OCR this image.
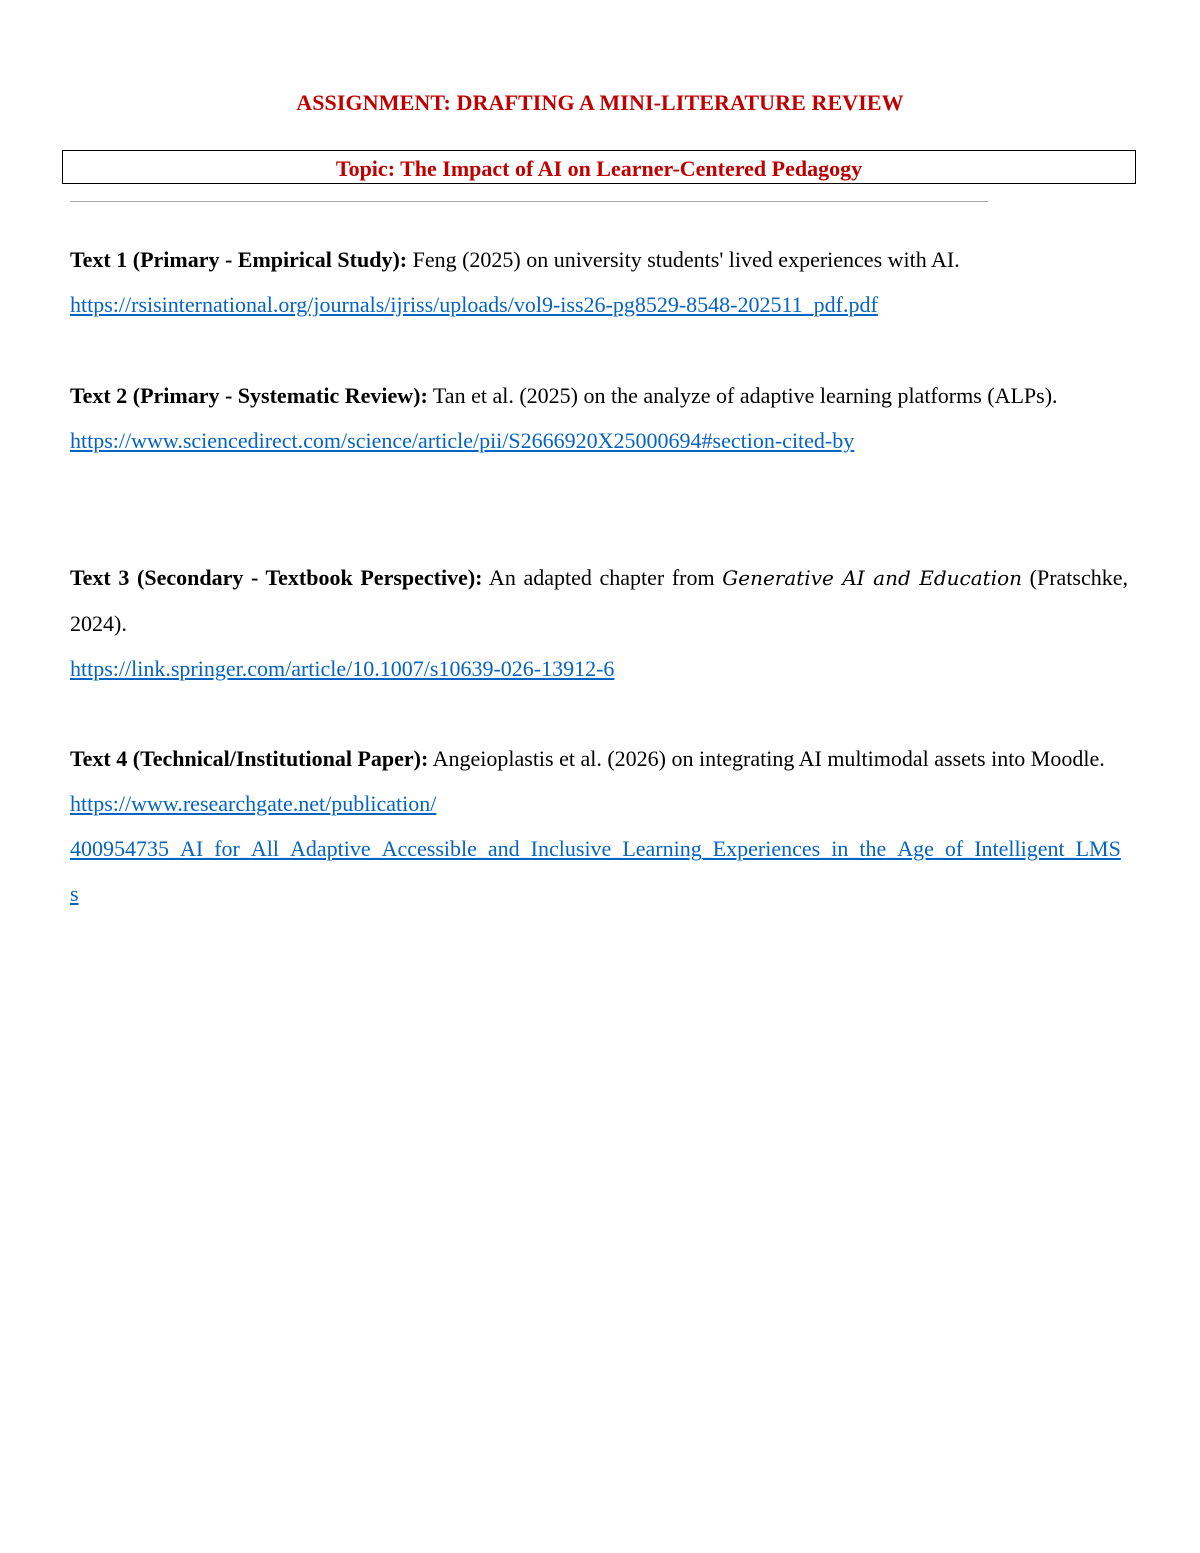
ASSIGNMENT: DRAFTING A MINI-LITERATURE REVIEW
Topic: The Impact of AI on Learner-Centered Pedagogy

Text 1 (Primary - Empirical Study): Feng (2025) on university students' lived experiences with AI.

https://rsisinternational.org/journals/ijriss/uploads/vol9-iss26-pg8529-8548-202511_pdf.pdf

Text 2 (Primary - Systematic Review): Tan et al. (2025) on the analyze of adaptive learning platforms (ALPs).

https://www.sciencedirect.com/science/article/pii/S2666920X25000694#section-cited-by

Text 3 (Secondary - Textbook Perspective): An adapted chapter from Generative AI and Education (Pratschke, 2024).

https://link.springer.com/article/10.1007/s10639-026-13912-6

Text 4 (Technical/Institutional Paper): Angeioplastis et al. (2026) on integrating AI multimodal assets into Moodle.

https://www.researchgate.net/publication/
400954735_AI_for_All_Adaptive_Accessible_and_Inclusive_Learning_Experiences_in_the_Age_of_Intelligent_LMSs
